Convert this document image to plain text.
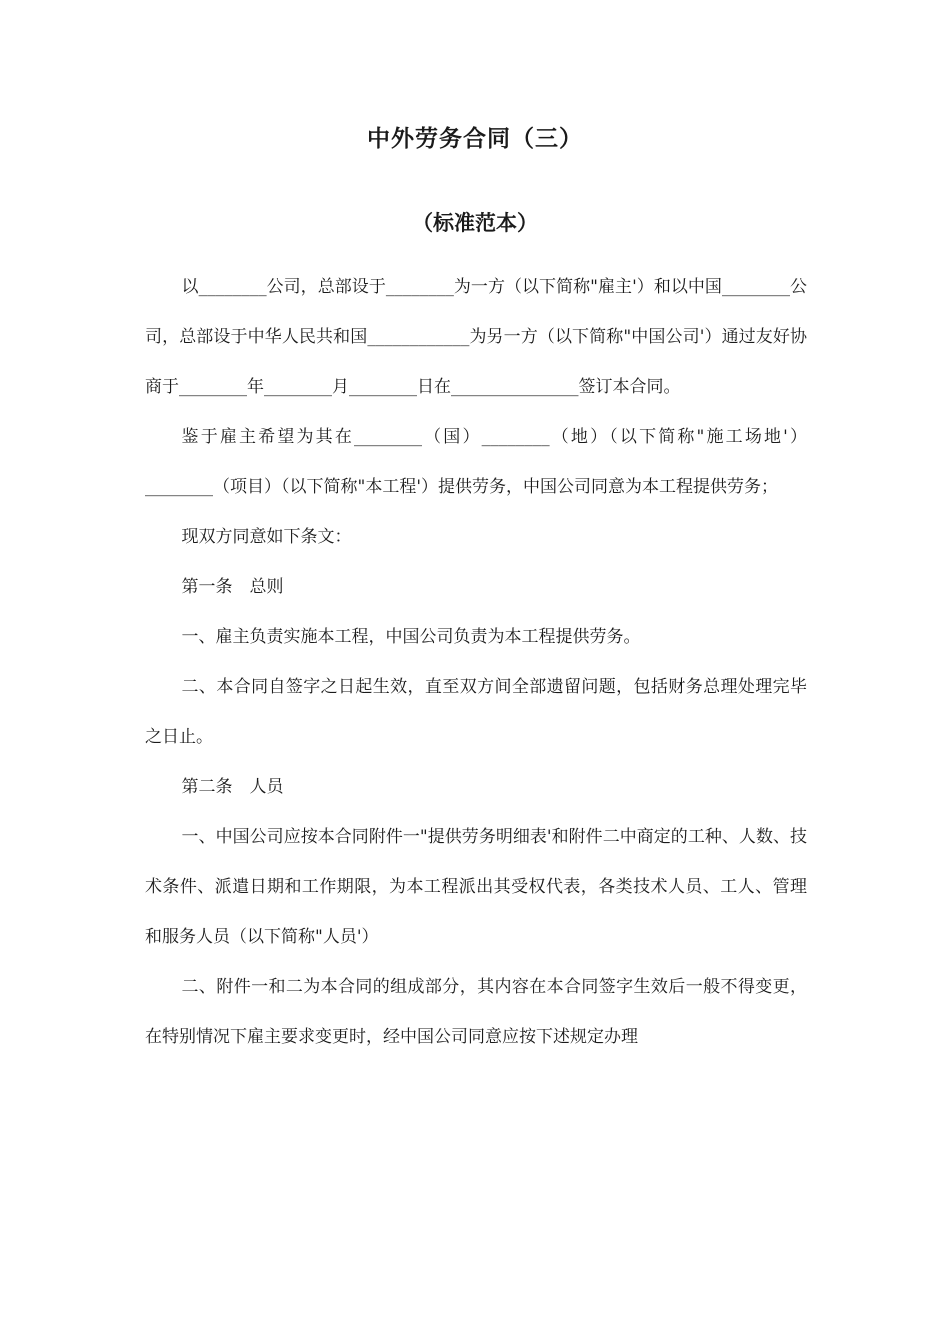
中外劳务合同（三）
（标准范本）

以________公司，总部设于________为一方（以下简称"雇主'）和以中国________公司，总部设于中华人民共和国____________为另一方（以下简称"中国公司'）通过友好协商于________年________月________日在_______________签订本合同。

鉴于雇主希望为其在________（国）________（地）（以下简称"施工场地'）________（项目）（以下简称"本工程'）提供劳务，中国公司同意为本工程提供劳务；

现双方同意如下条文：

第一条　总则

一、雇主负责实施本工程，中国公司负责为本工程提供劳务。

二、本合同自签字之日起生效，直至双方间全部遗留问题，包括财务总理处理完毕之日止。

第二条　人员

一、中国公司应按本合同附件一"提供劳务明细表'和附件二中商定的工种、人数、技术条件、派遣日期和工作期限，为本工程派出其受权代表，各类技术人员、工人、管理和服务人员（以下简称"人员'）

二、附件一和二为本合同的组成部分，其内容在本合同签字生效后一般不得变更，在特别情况下雇主要求变更时，经中国公司同意应按下述规定办理
